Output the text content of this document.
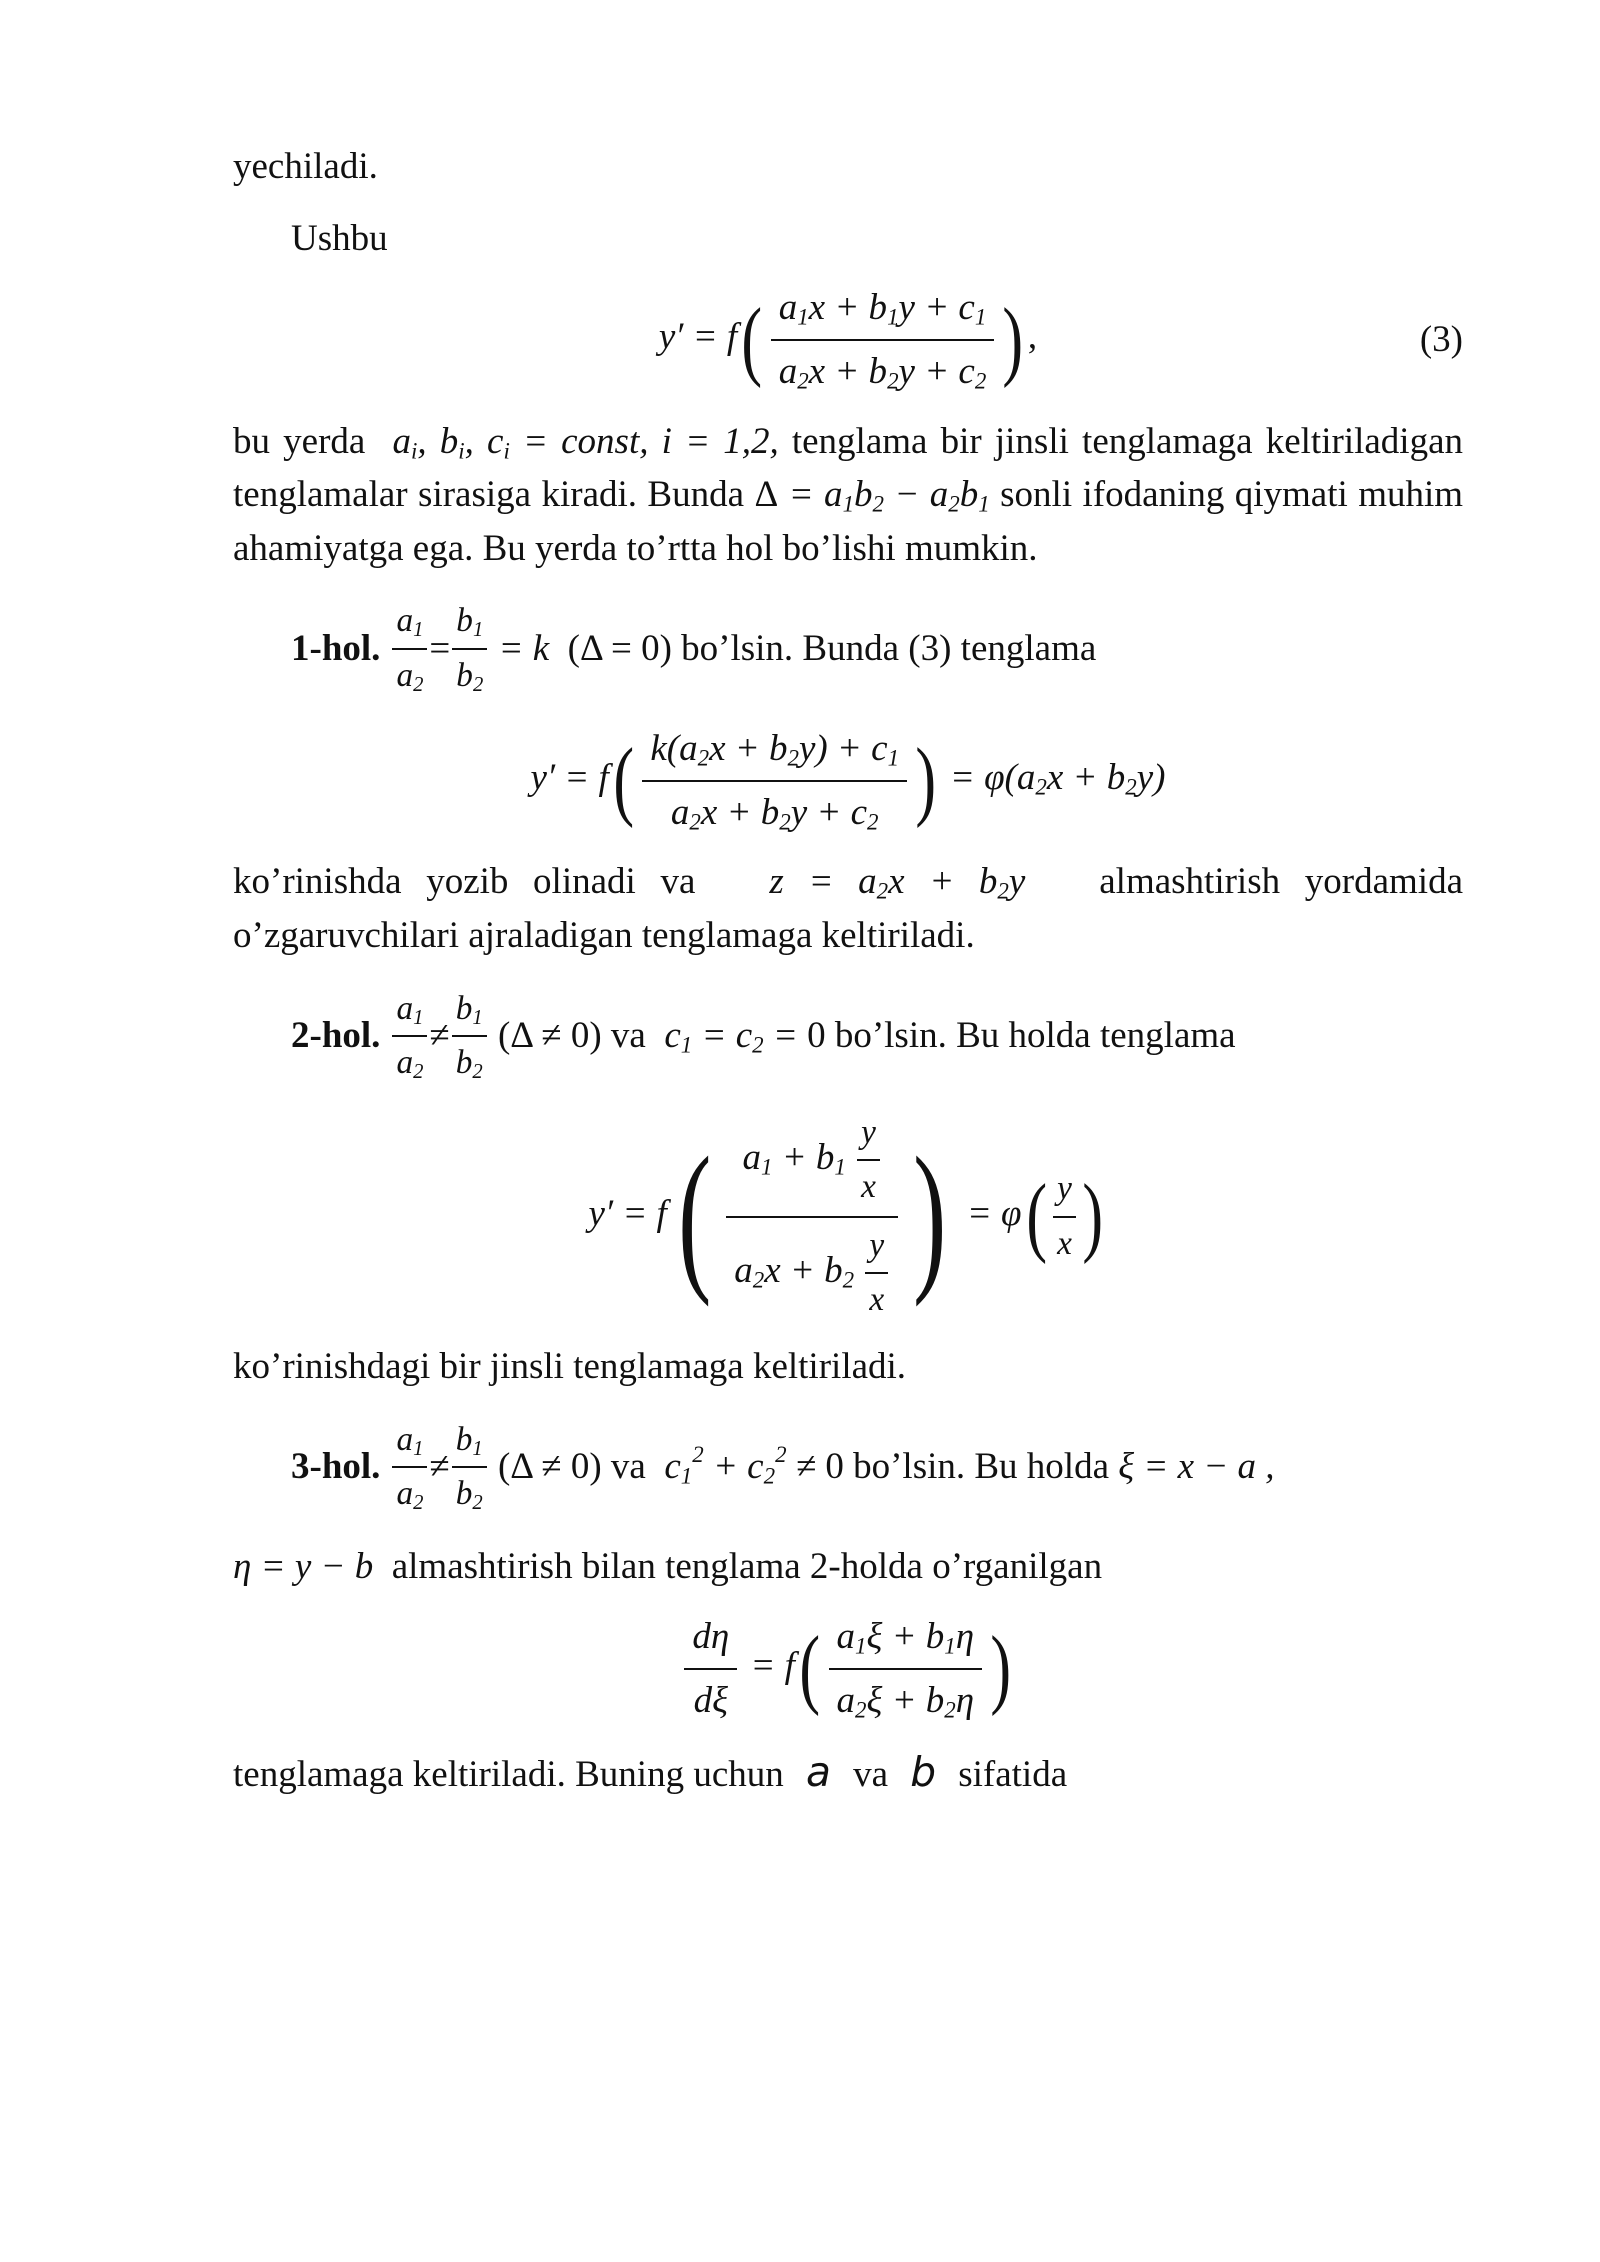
yechiladi.

Ushbu

$y' = f( \frac{a_1x + b_1y + c_1}{a_2x + b_2y + c_2}$ ) ,	(3)

bu yerda $a_i$, $b_i$, $c_i$ = const, i = 1,2, tenglama bir jinsli tenglamaga keltiriladigan tenglamalar sirasiga kiradi. Bunda $\Delta = a_1b_2 - a_2b_1$ sonli ifodaning qiymati muhim ahamiyatga ega. Bu yerda to’rtta hol bo’lishi mumkin.

1-hol. $\frac{a_1}{a_2} = \frac{b_1}{b_2} = k$ (Δ = 0) bo’lsin. Bunda (3) tenglama
$y' = f( \frac{k(a_2x + b_2y) + c_1}{a_2x + b_2y + c_2}$ ) = $\varphi(a_2x + b_2y)$

ko’rinishda yozib olinadi va   $z = a_2x + b_2y$   almashtirish yordamida o’zgaruvchilari ajraladigan tenglamaga keltiriladi.

2-hol. $\frac{a_1}{a_2} \ne \frac{b_1}{b_2} (\Delta \ne 0)$ va $c_1 = c_2 = 0$ bo’lsin. Bu holda tenglama
$y' = f( \frac{a_1 + b_1 \frac{y}{x}}{a_2x + b_2 \frac{y}{x}}$ ) = $\varphi( \frac{y}{x}$ )

ko’rinishdagi bir jinsli tenglamaga keltiriladi.

3-hol. $\frac{a_1}{a_2} \ne \frac{b_1}{b_2} (\Delta \ne 0)$ va $c_1^2 + c_2^2 \ne 0$ bo’lsin. Bu holda ξ = x − a ,

η = y − b  almashtirish bilan tenglama 2-holda o’rganilgan

$\frac{d\eta}{d\xi} = f( \frac{a_1\xi + b_1\eta}{a_2\xi + b_2\eta}$ )

tenglamaga keltiriladi. Buning uchun  a  va  b  sifatida
